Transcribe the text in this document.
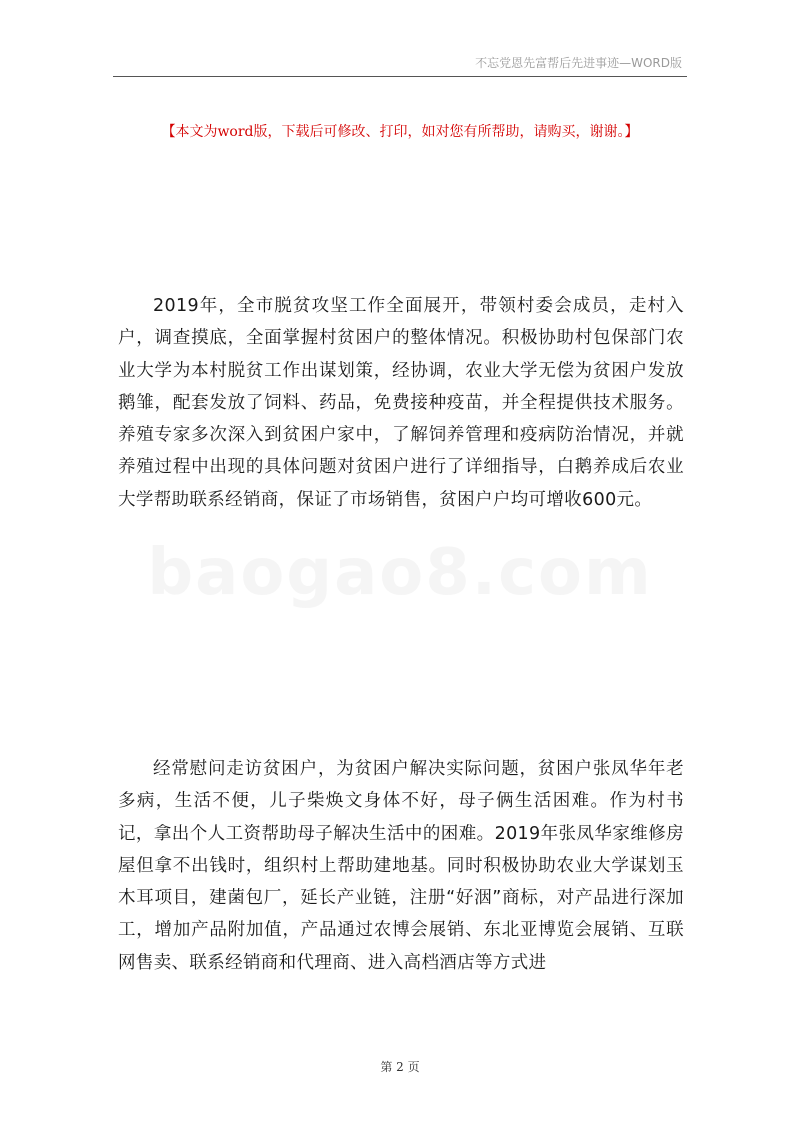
不忘党恩先富帮后先进事迹—WORD版
【本文为word版，下载后可修改、打印，如对您有所帮助，请购买，谢谢。】
baogao8.com

2019年，全市脱贫攻坚工作全面展开，带领村委会成员，走村入户，调查摸底，全面掌握村贫困户的整体情况。积极协助村包保部门农业大学为本村脱贫工作出谋划策，经协调，农业大学无偿为贫困户发放鹅雏，配套发放了饲料、药品，免费接种疫苗，并全程提供技术服务。养殖专家多次深入到贫困户家中，了解饲养管理和疫病防治情况，并就养殖过程中出现的具体问题对贫困户进行了详细指导，白鹅养成后农业大学帮助联系经销商，保证了市场销售，贫困户户均可增收600元。

经常慰问走访贫困户，为贫困户解决实际问题，贫困户张凤华年老多病，生活不便，儿子柴焕文身体不好，母子俩生活困难。作为村书记，拿出个人工资帮助母子解决生活中的困难。2019年张凤华家维修房屋但拿不出钱时，组织村上帮助建地基。同时积极协助农业大学谋划玉木耳项目，建菌包厂，延长产业链，注册“好洇”商标，对产品进行深加工，增加产品附加值，产品通过农博会展销、东北亚博览会展销、互联网售卖、联系经销商和代理商、进入高档酒店等方式进

第 2 页
